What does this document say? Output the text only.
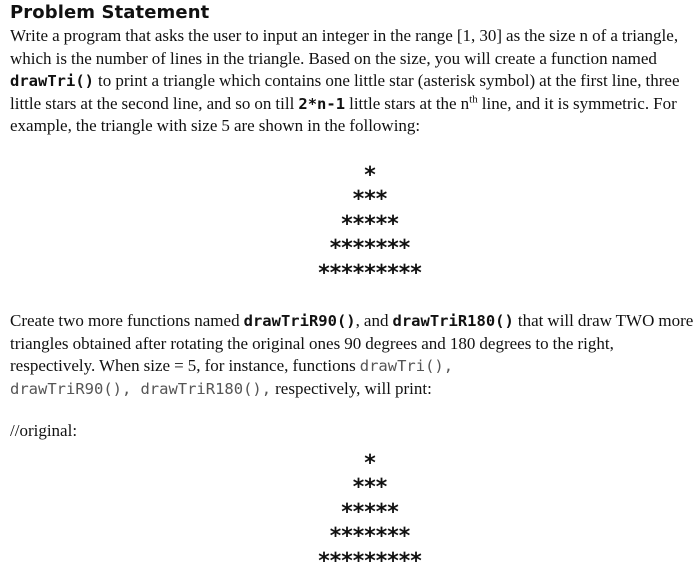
Problem Statement
Write a program that asks the user to input an integer in the range [1, 30] as the size n of a triangle, which is the number of lines in the triangle. Based on the size, you will create a function named drawTri() to print a triangle which contains one little star (asterisk symbol) at the first line, three little stars at the second line, and so on till 2*n-1 little stars at the $n^{th}$ line, and it is symmetric. For example, the triangle with size 5 are shown in the following:
*
***
*****
*******
*********
Create two more functions named drawTriR90(), and drawTriR180() that will draw TWO more triangles obtained after rotating the original ones 90 degrees and 180 degrees to the right, respectively. When size = 5, for instance, functions drawTri(),
drawTriR90(), drawTriR180(), respectively, will print:
//original:
*
***
*****
*******
*********
